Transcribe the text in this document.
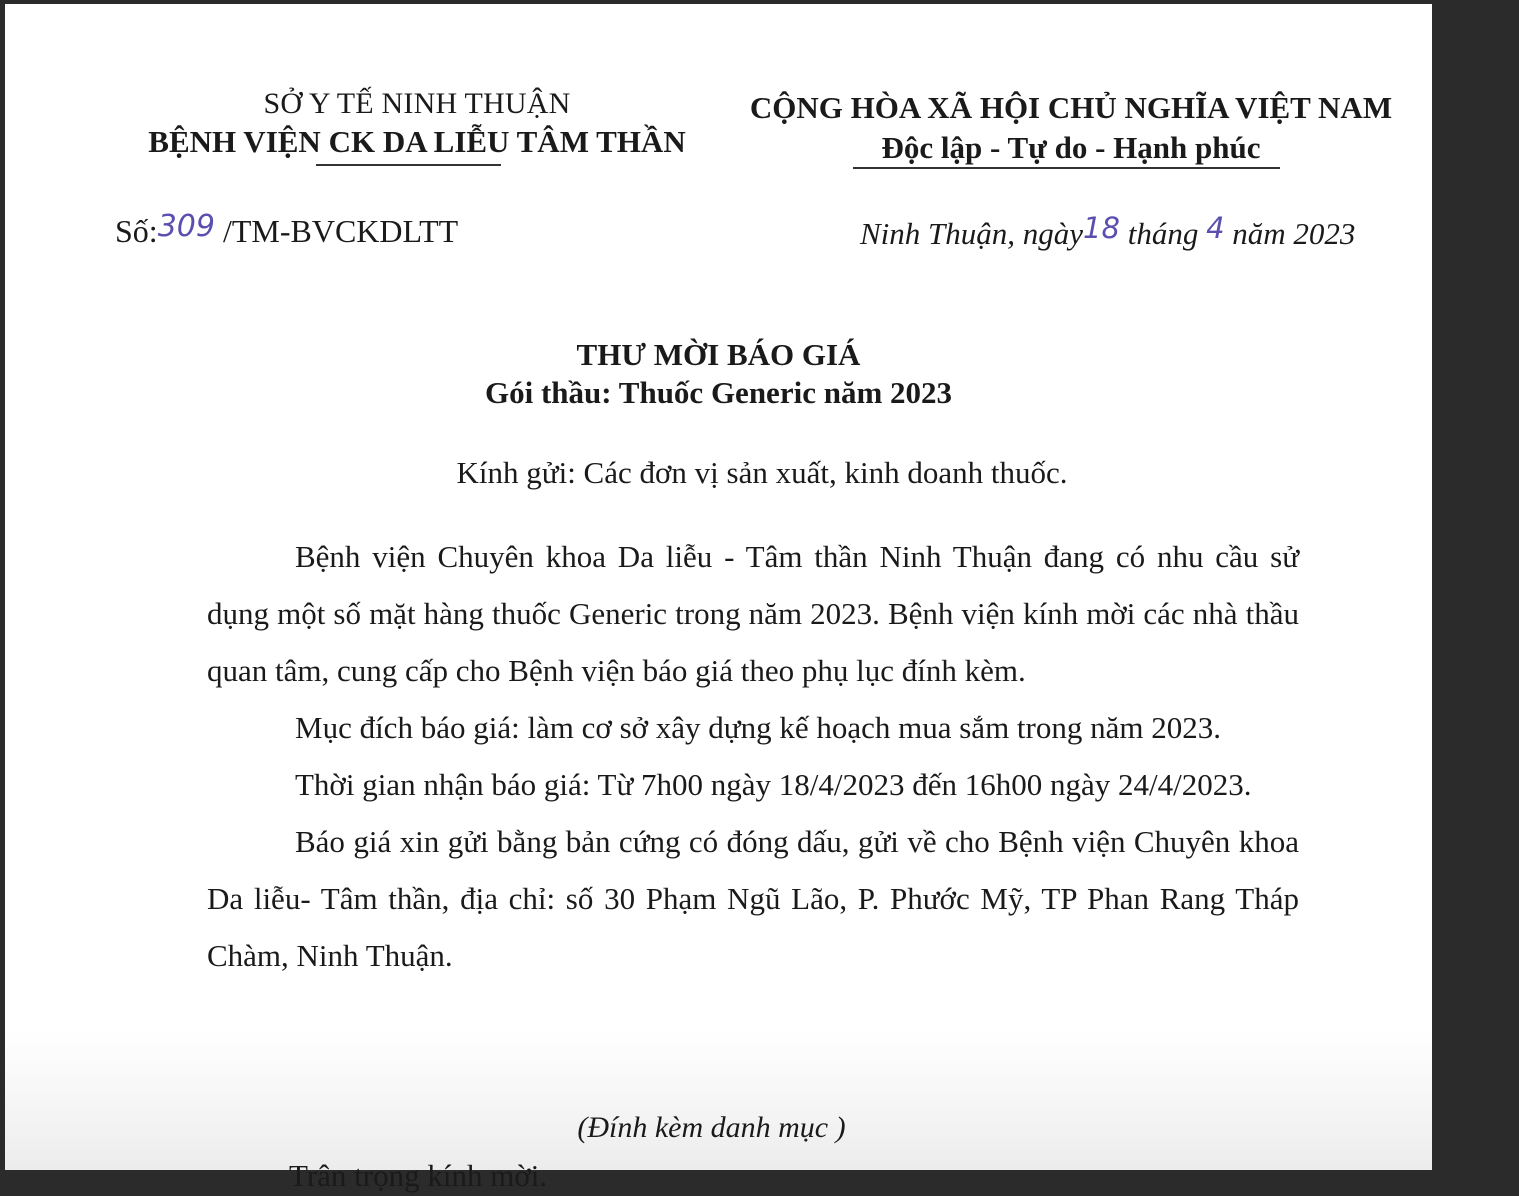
SỞ Y TẾ NINH THUẬN
BỆNH VIỆN CK DA LIỄU TÂM THẦN
CỘNG HÒA XÃ HỘI CHỦ NGHĨA VIỆT NAM
Độc lập - Tự do - Hạnh phúc
Số:309 /TM-BVCKDLTT	Ninh Thuận, ngày18 tháng 4 năm 2023
THƯ MỜI BÁO GIÁ
Gói thầu: Thuốc Generic năm 2023
Kính gửi: Các đơn vị sản xuất, kinh doanh thuốc.

Bệnh viện Chuyên khoa Da liễu - Tâm thần Ninh Thuận đang có nhu cầu sử dụng một số mặt hàng thuốc Generic trong năm 2023. Bệnh viện kính mời các nhà thầu quan tâm, cung cấp cho Bệnh viện báo giá theo phụ lục đính kèm.

Mục đích báo giá: làm cơ sở xây dựng kế hoạch mua sắm trong năm 2023.

Thời gian nhận báo giá: Từ 7h00 ngày 18/4/2023 đến 16h00 ngày 24/4/2023.

Báo giá xin gửi bằng bản cứng có đóng dấu, gửi về cho Bệnh viện Chuyên khoa Da liễu- Tâm thần, địa chỉ: số 30 Phạm Ngũ Lão, P. Phước Mỹ, TP Phan Rang Tháp Chàm, Ninh Thuận.

(Đính kèm danh mục )
Trân trọng kính mời.
